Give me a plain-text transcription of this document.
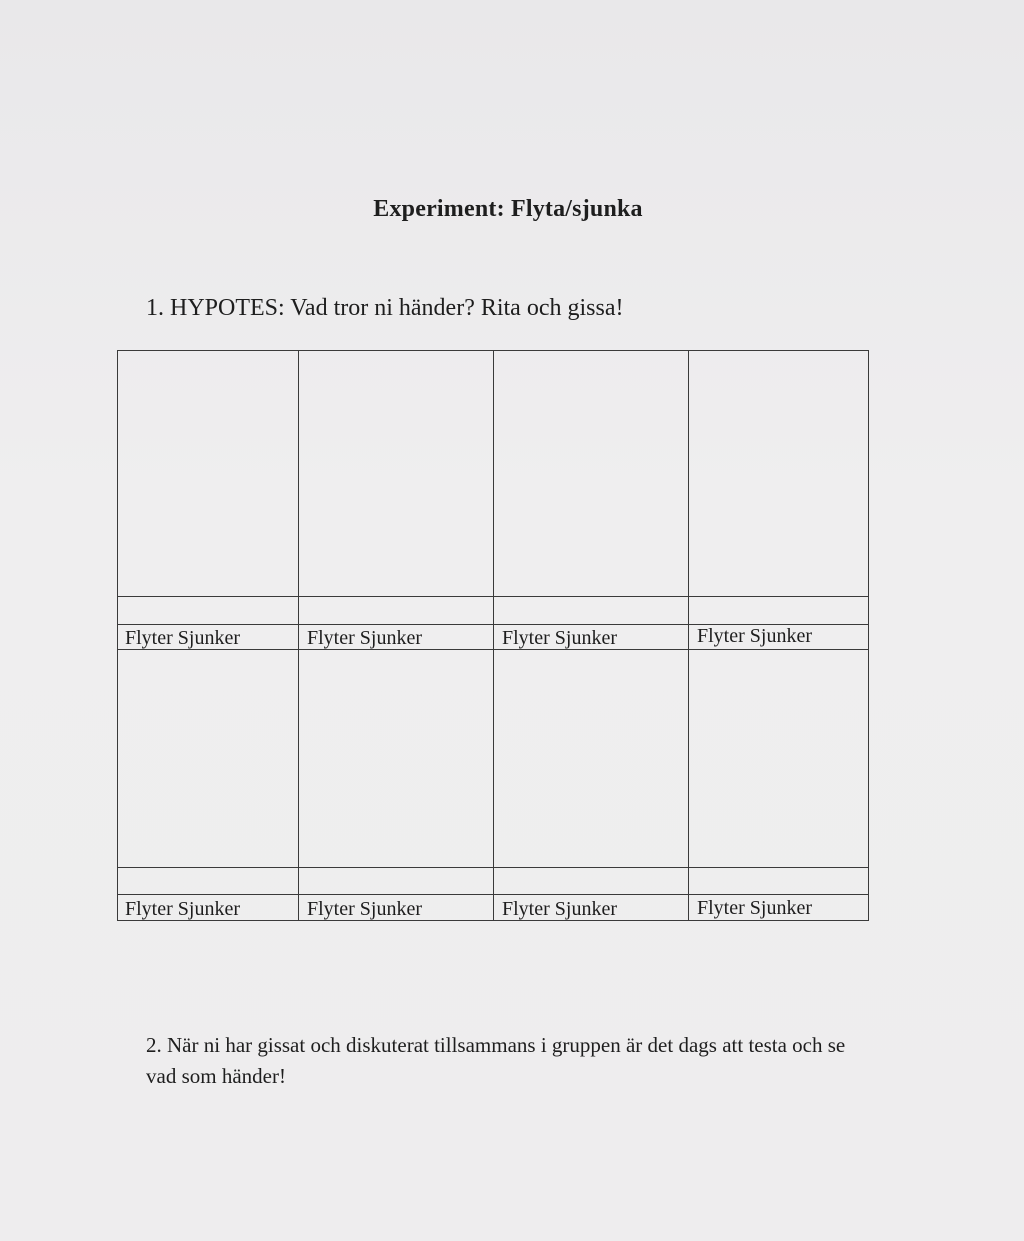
Experiment: Flyta/sjunka
1. HYPOTES: Vad tror ni händer? Rita och gissa!
Flyter Sjunker	Flyter Sjunker	Flyter Sjunker	Flyter Sjunker
Flyter Sjunker	Flyter Sjunker	Flyter Sjunker	Flyter Sjunker
2. När ni har gissat och diskuterat tillsammans i gruppen är det dags att testa och se vad som händer!
